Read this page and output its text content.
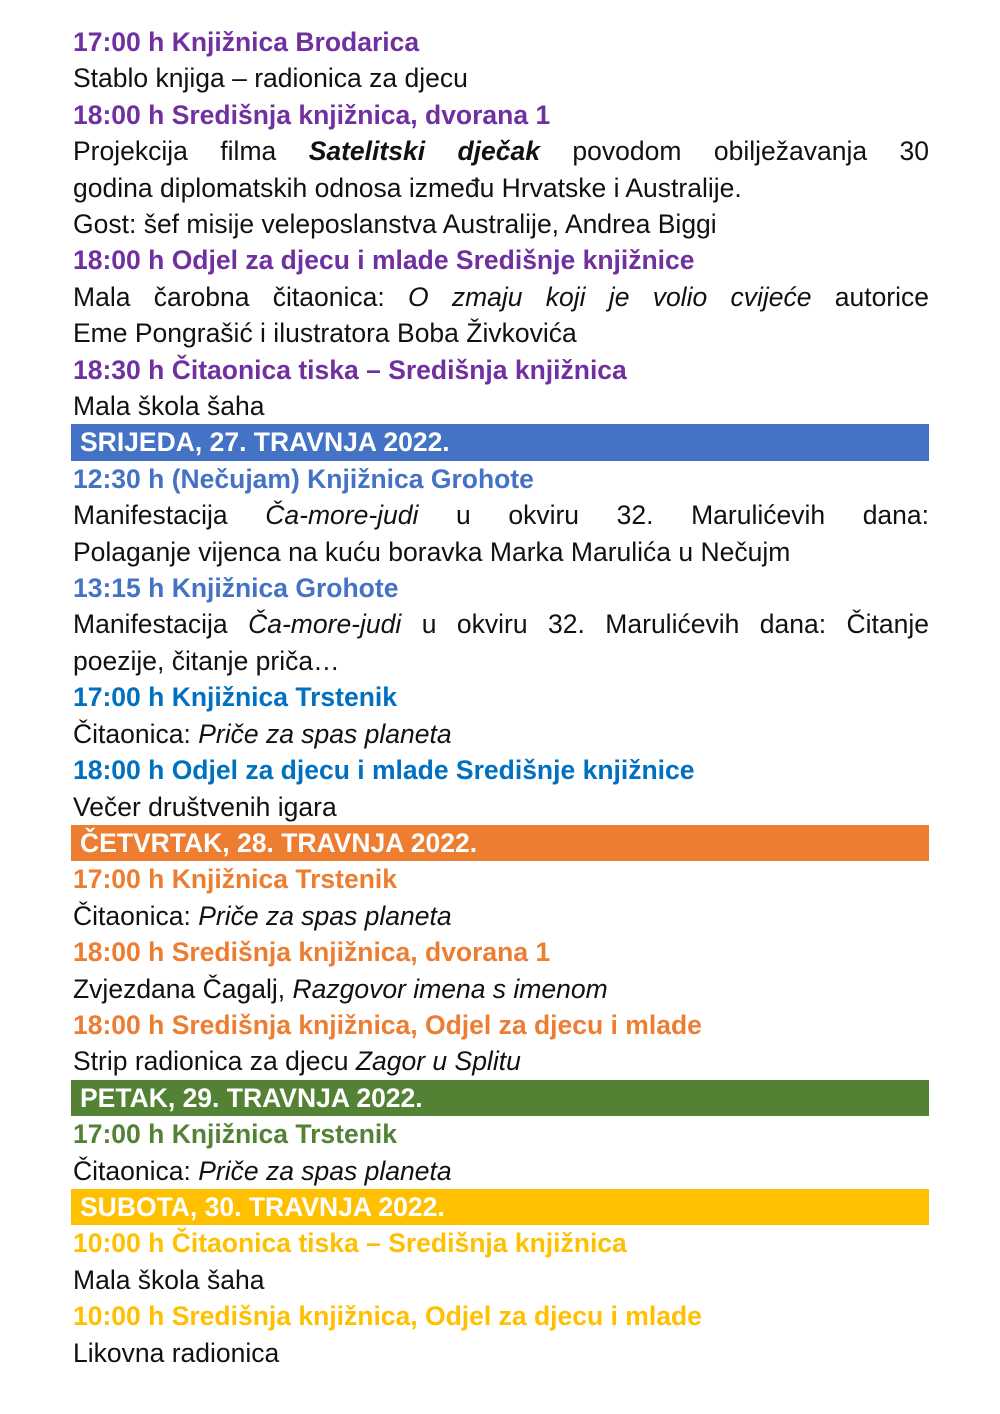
17:00 h Knjižnica Brodarica
Stablo knjiga – radionica za djecu
18:00 h Središnja knjižnica, dvorana 1
Projekcija filma Satelitski dječak povodom obilježavanja 30
godina diplomatskih odnosa između Hrvatske i Australije.
Gost: šef misije veleposlanstva Australije, Andrea Biggi
18:00 h Odjel za djecu i mlade Središnje knjižnice
Mala čarobna čitaonica: O zmaju koji je volio cvijeće autorice
Eme Pongrašić i ilustratora Boba Živkovića
18:30 h Čitaonica tiska – Središnja knjižnica
Mala škola šaha
SRIJEDA, 27. TRAVNJA 2022.
12:30 h (Nečujam) Knjižnica Grohote
Manifestacija Ča-more-judi u okviru 32. Marulićevih dana:
Polaganje vijenca na kuću boravka Marka Marulića u Nečujm
13:15 h Knjižnica Grohote
Manifestacija Ča-more-judi u okviru 32. Marulićevih dana: Čitanje
poezije, čitanje priča…
17:00 h Knjižnica Trstenik
Čitaonica: Priče za spas planeta
18:00 h Odjel za djecu i mlade Središnje knjižnice
Večer društvenih igara
ČETVRTAK, 28. TRAVNJA 2022.
17:00 h Knjižnica Trstenik
Čitaonica: Priče za spas planeta
18:00 h Središnja knjižnica, dvorana 1
Zvjezdana Čagalj, Razgovor imena s imenom
18:00 h Središnja knjižnica, Odjel za djecu i mlade
Strip radionica za djecu Zagor u Splitu
PETAK, 29. TRAVNJA 2022.
17:00 h Knjižnica Trstenik
Čitaonica: Priče za spas planeta
SUBOTA, 30. TRAVNJA 2022.
10:00 h Čitaonica tiska – Središnja knjižnica
Mala škola šaha
10:00 h Središnja knjižnica, Odjel za djecu i mlade
Likovna radionica
